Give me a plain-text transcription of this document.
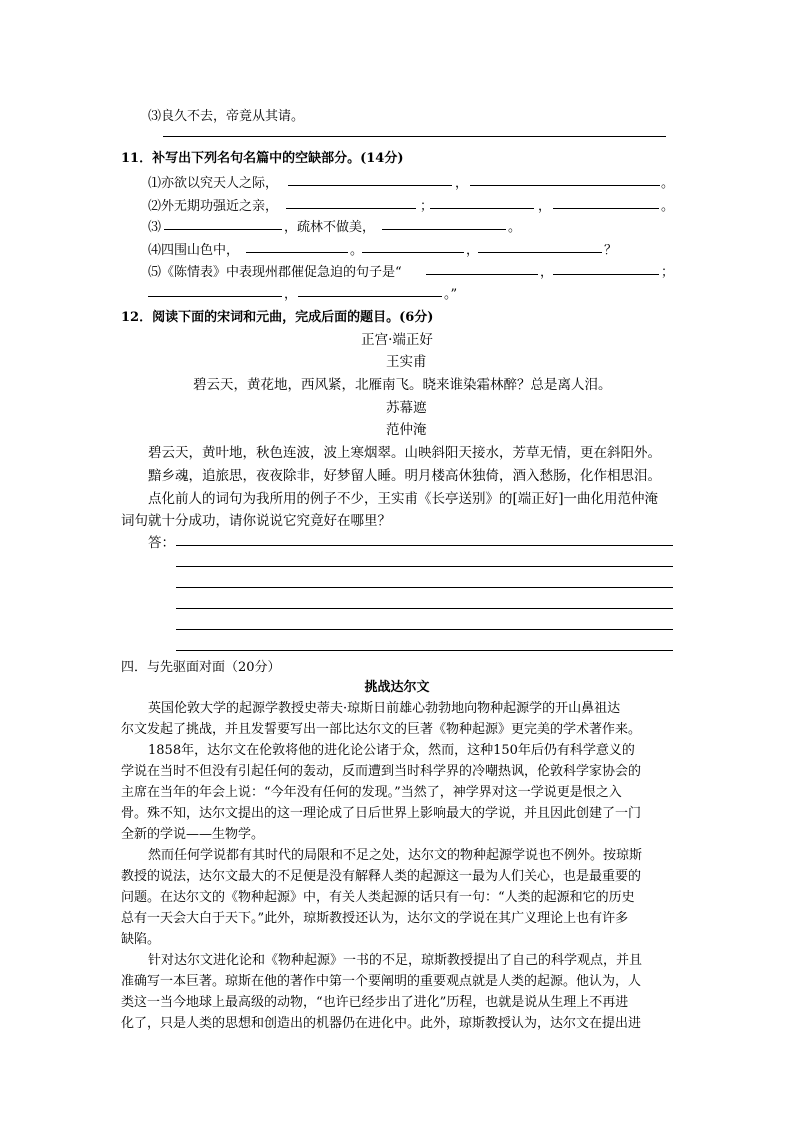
⑶良久不去，帝竟从其请。
11．补写出下列名句名篇中的空缺部分。(14分)
⑴亦欲以究天人之际，	，	。
⑵外无期功强近之亲，	；	，	。
⑶	，疏林不做美，	。
⑷四围山色中，	。	，	？
⑸《陈情表》中表现州郡催促急迫的句子是“	，	；
，	。”
12．阅读下面的宋词和元曲，完成后面的题目。(6分)
正宫·端正好
王实甫
碧云天，黄花地，西风紧，北雁南飞。晓来谁染霜林醉？总是离人泪。
苏幕遮
范仲淹
碧云天，黄叶地，秋色连波，波上寒烟翠。山映斜阳天接水，芳草无情，更在斜阳外。
黯乡魂，追旅思，夜夜除非，好梦留人睡。明月楼高休独倚，酒入愁肠，化作相思泪。
点化前人的词句为我所用的例子不少，王实甫《长亭送别》的[端正好]一曲化用范仲淹
词句就十分成功，请你说说它究竟好在哪里？
答：
四．与先驱面对面（20分）
挑战达尔文
英国伦敦大学的起源学教授史蒂夫·琼斯日前雄心勃勃地向物种起源学的开山鼻祖达
尔文发起了挑战，并且发誓要写出一部比达尔文的巨著《物种起源》更完美的学术著作来。
1858年，达尔文在伦敦将他的进化论公诸于众，然而，这种150年后仍有科学意义的
学说在当时不但没有引起任何的轰动，反而遭到当时科学界的冷嘲热讽，伦敦科学家协会的
主席在当年的年会上说：“今年没有任何的发现。”当然了，神学界对这一学说更是恨之入
骨。殊不知，达尔文提出的这一理论成了日后世界上影响最大的学说，并且因此创建了一门
全新的学说——生物学。
然而任何学说都有其时代的局限和不足之处，达尔文的物种起源学说也不例外。按琼斯
教授的说法，达尔文最大的不足便是没有解释人类的起源这一最为人们关心，也是最重要的
问题。在达尔文的《物种起源》中，有关人类起源的话只有一句：“人类的起源和它的历史
总有一天会大白于天下。”此外，琼斯教授还认为，达尔文的学说在其广义理论上也有许多
缺陷。
针对达尔文进化论和《物种起源》一书的不足，琼斯教授提出了自己的科学观点，并且
准确写一本巨著。琼斯在他的著作中第一个要阐明的重要观点就是人类的起源。他认为，人
类这一当今地球上最高级的动物，“也许已经步出了进化”历程，也就是说从生理上不再进
化了，只是人类的思想和创造出的机器仍在进化中。此外，琼斯教授认为，达尔文在提出进
